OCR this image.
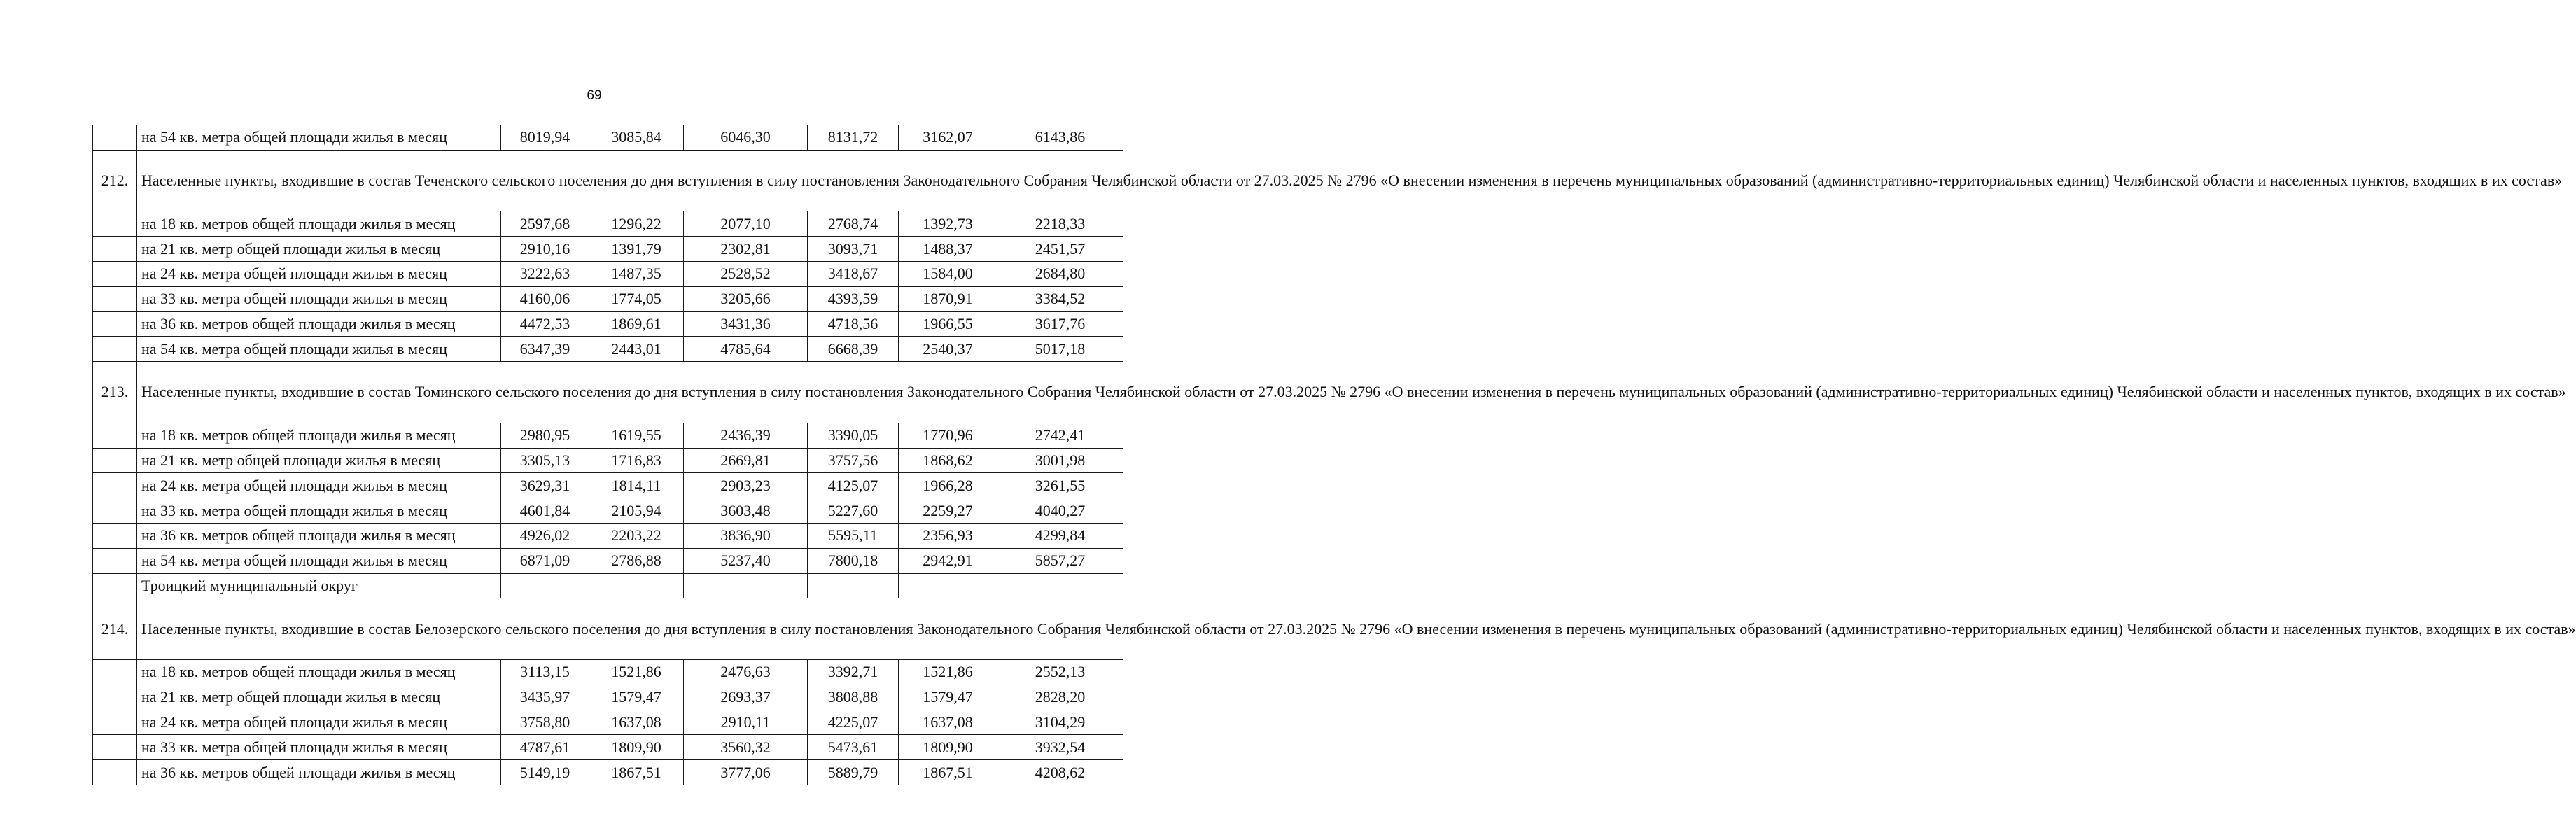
69
	на 54 кв. метра общей площади жилья в месяц	8019,94	3085,84	6046,30	8131,72	3162,07	6143,86
212.	Населенные пункты, входившие в состав Теченского сельского поселения до дня вступления в силу постановления Законодательного Собрания Челябинской области от 27.03.2025 № 2796 «О внесении изменения в перечень муниципальных образований (административно-территориальных единиц) Челябинской области и населенных пунктов, входящих в их состав»						
	на 18 кв. метров общей площади жилья в месяц	2597,68	1296,22	2077,10	2768,74	1392,73	2218,33
	на 21 кв. метр общей площади жилья в месяц	2910,16	1391,79	2302,81	3093,71	1488,37	2451,57
	на 24 кв. метра общей площади жилья в месяц	3222,63	1487,35	2528,52	3418,67	1584,00	2684,80
	на 33 кв. метра общей площади жилья в месяц	4160,06	1774,05	3205,66	4393,59	1870,91	3384,52
	на 36 кв. метров общей площади жилья в месяц	4472,53	1869,61	3431,36	4718,56	1966,55	3617,76
	на 54 кв. метра общей площади жилья в месяц	6347,39	2443,01	4785,64	6668,39	2540,37	5017,18
213.	Населенные пункты, входившие в состав Томинского сельского поселения до дня вступления в силу постановления Законодательного Собрания Челябинской области от 27.03.2025 № 2796 «О внесении изменения в перечень муниципальных образований (административно-территориальных единиц) Челябинской области и населенных пунктов, входящих в их состав»						
	на 18 кв. метров общей площади жилья в месяц	2980,95	1619,55	2436,39	3390,05	1770,96	2742,41
	на 21 кв. метр общей площади жилья в месяц	3305,13	1716,83	2669,81	3757,56	1868,62	3001,98
	на 24 кв. метра общей площади жилья в месяц	3629,31	1814,11	2903,23	4125,07	1966,28	3261,55
	на 33 кв. метра общей площади жилья в месяц	4601,84	2105,94	3603,48	5227,60	2259,27	4040,27
	на 36 кв. метров общей площади жилья в месяц	4926,02	2203,22	3836,90	5595,11	2356,93	4299,84
	на 54 кв. метра общей площади жилья в месяц	6871,09	2786,88	5237,40	7800,18	2942,91	5857,27
	Троицкий муниципальный округ						
214.	Населенные пункты, входившие в состав Белозерского сельского поселения до дня вступления в силу постановления Законодательного Собрания Челябинской области от 27.03.2025 № 2796 «О внесении изменения в перечень муниципальных образований (административно-территориальных единиц) Челябинской области и населенных пунктов, входящих в их состав»						
	на 18 кв. метров общей площади жилья в месяц	3113,15	1521,86	2476,63	3392,71	1521,86	2552,13
	на 21 кв. метр общей площади жилья в месяц	3435,97	1579,47	2693,37	3808,88	1579,47	2828,20
	на 24 кв. метра общей площади жилья в месяц	3758,80	1637,08	2910,11	4225,07	1637,08	3104,29
	на 33 кв. метра общей площади жилья в месяц	4787,61	1809,90	3560,32	5473,61	1809,90	3932,54
	на 36 кв. метров общей площади жилья в месяц	5149,19	1867,51	3777,06	5889,79	1867,51	4208,62
